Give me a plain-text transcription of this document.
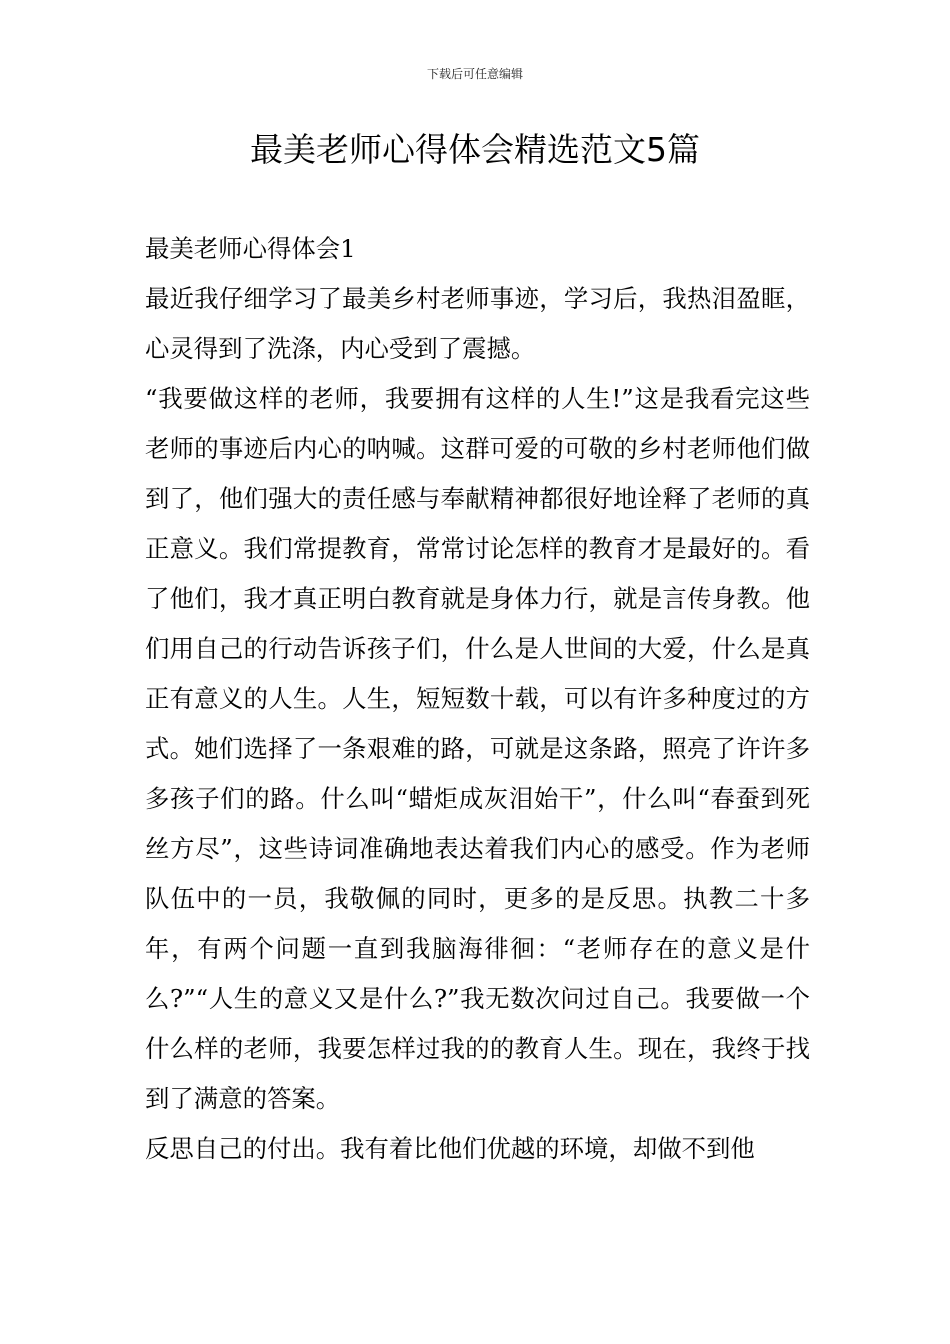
下载后可任意编辑
最美老师心得体会精选范文5篇

最美老师心得体会1

最近我仔细学习了最美乡村老师事迹，学习后，我热泪盈眶，心灵得到了洗涤，内心受到了震撼。

“我要做这样的老师，我要拥有这样的人生!”这是我看完这些老师的事迹后内心的呐喊。这群可爱的可敬的乡村老师他们做到了，他们强大的责任感与奉献精神都很好地诠释了老师的真正意义。我们常提教育，常常讨论怎样的教育才是最好的。看了他们，我才真正明白教育就是身体力行，就是言传身教。他们用自己的行动告诉孩子们，什么是人世间的大爱，什么是真正有意义的人生。人生，短短数十载，可以有许多种度过的方式。她们选择了一条艰难的路，可就是这条路，照亮了许许多多孩子们的路。什么叫“蜡炬成灰泪始干”，什么叫“春蚕到死丝方尽”，这些诗词准确地表达着我们内心的感受。作为老师队伍中的一员，我敬佩的同时，更多的是反思。执教二十多年，有两个问题一直到我脑海徘徊：“老师存在的意义是什么?”“人生的意义又是什么?”我无数次问过自己。我要做一个什么样的老师，我要怎样过我的的教育人生。现在，我终于找到了满意的答案。

反思自己的付出。我有着比他们优越的环境，却做不到他
